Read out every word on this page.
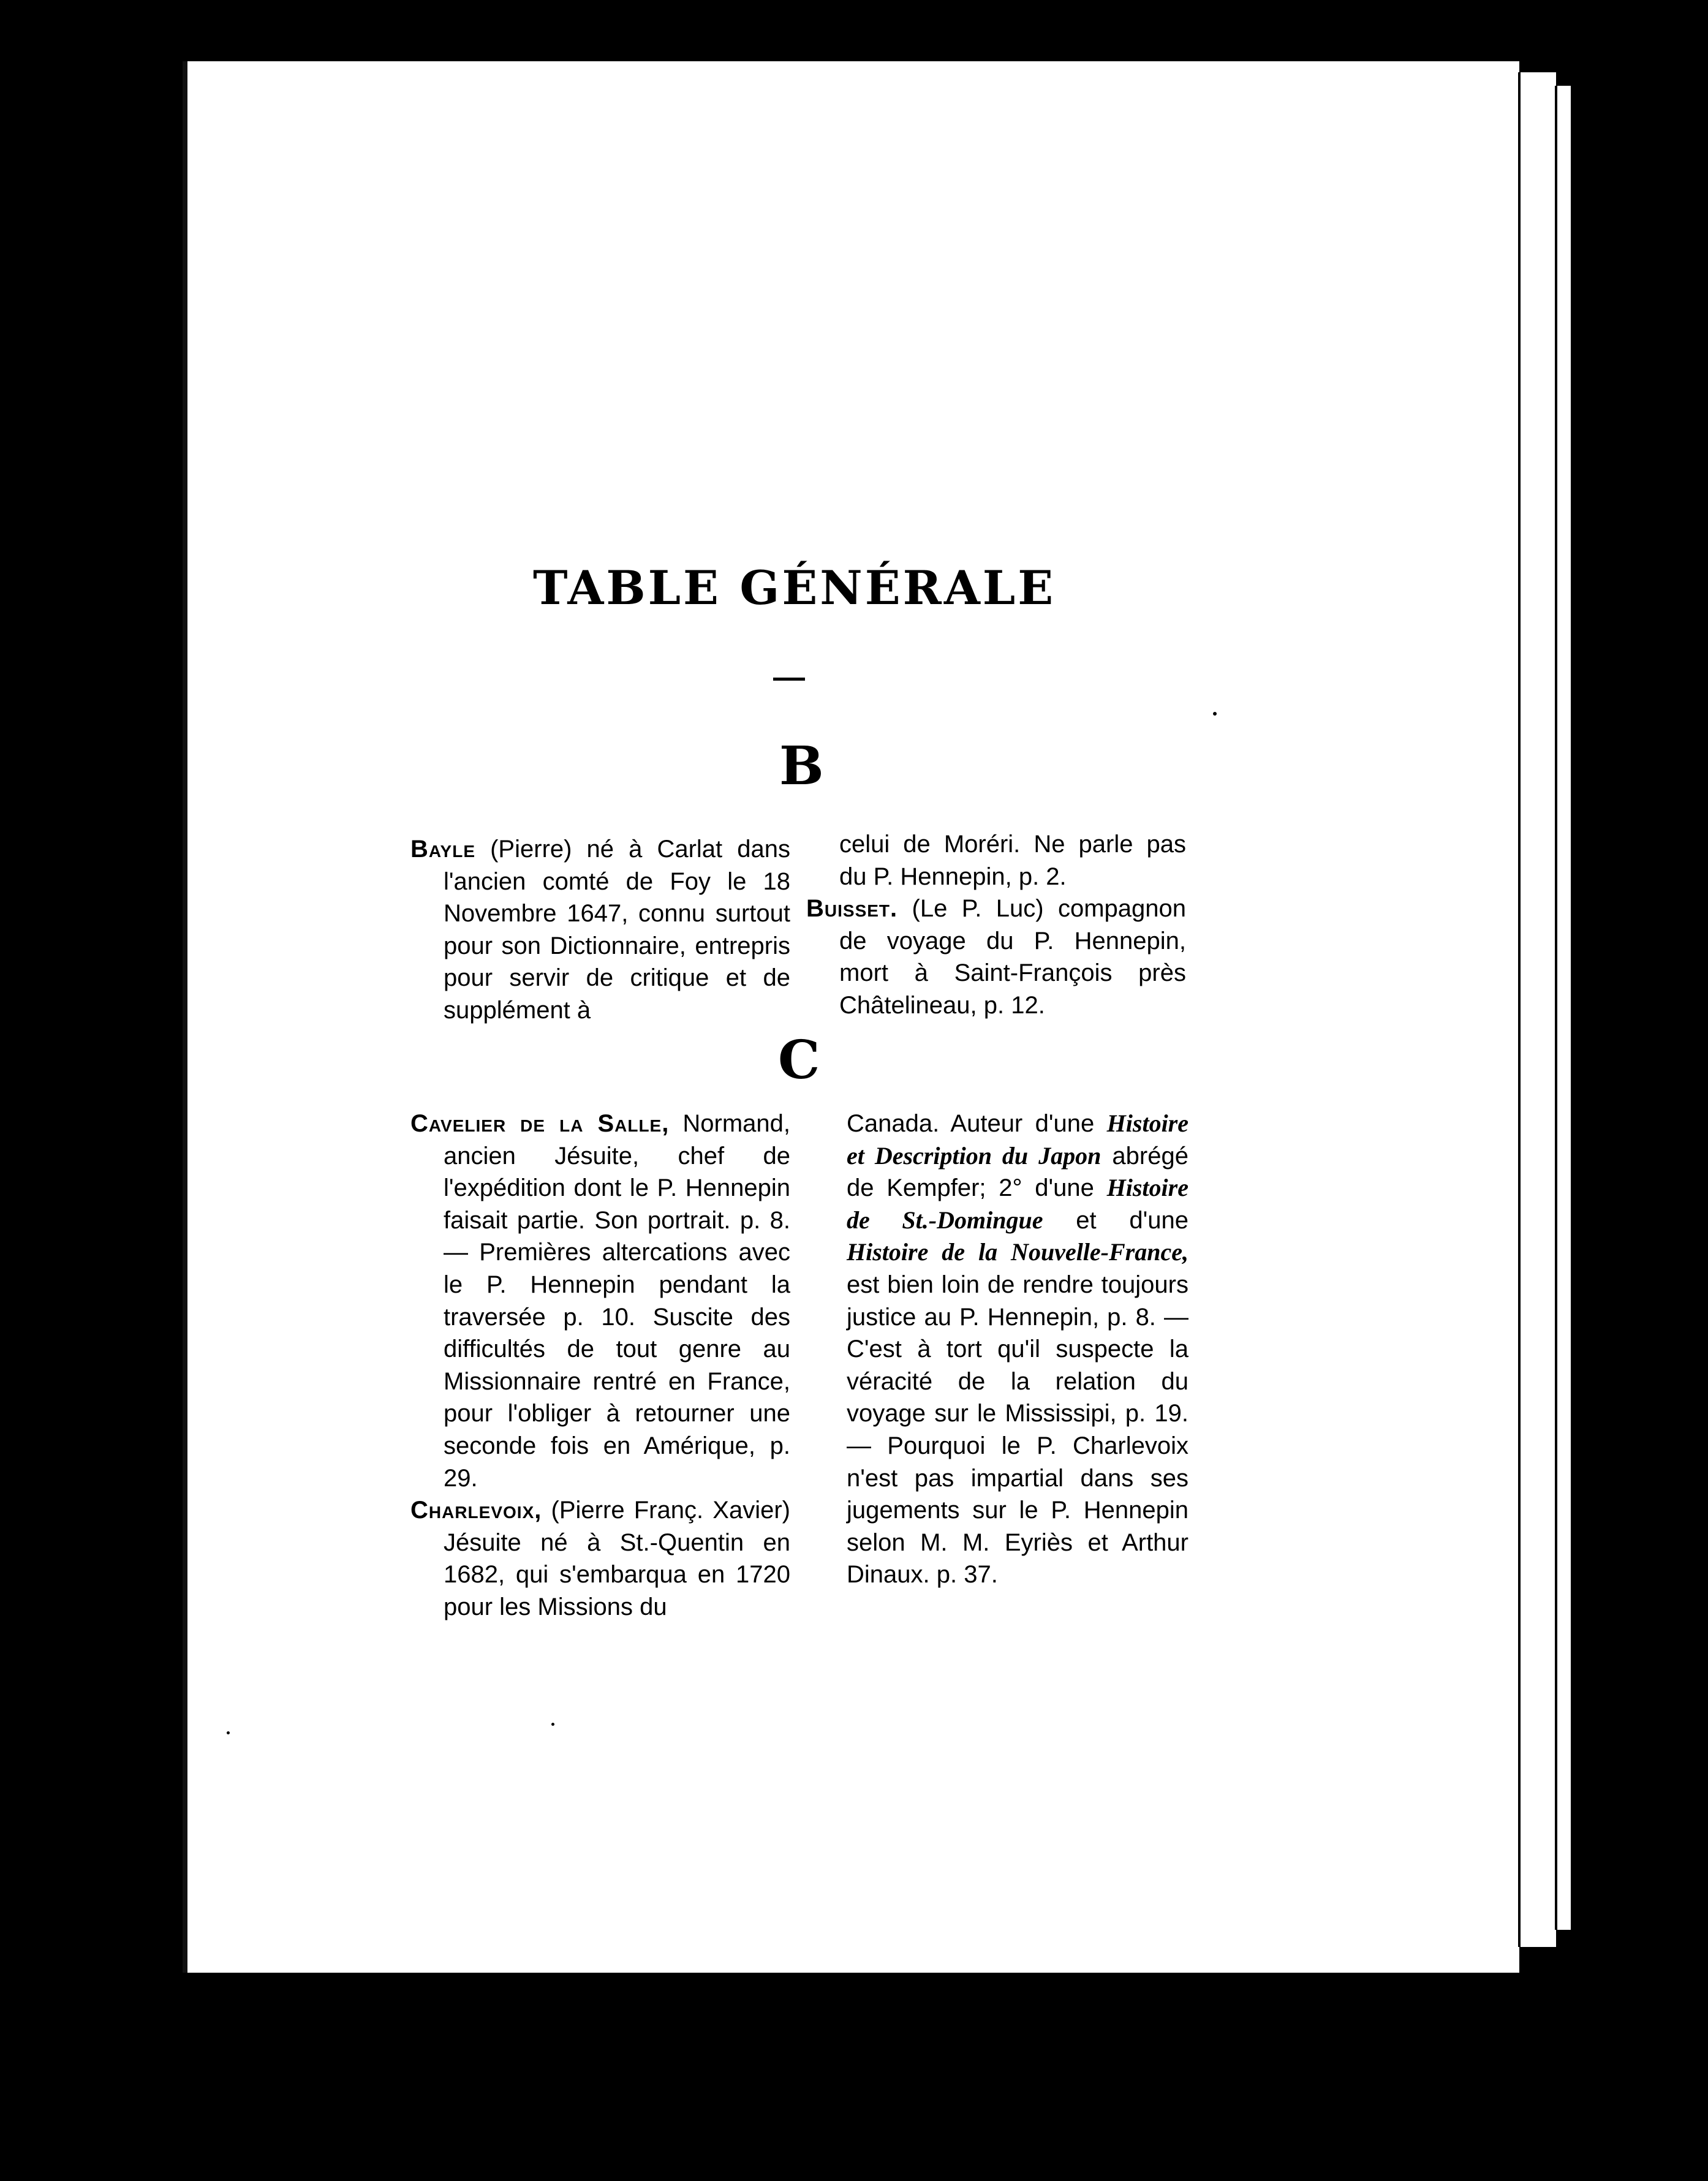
TABLE GÉNÉRALE
B

Bayle (Pierre) né à Carlat dans l'ancien comté de Foy le 18 Novembre 1647, connu surtout pour son Dictionnaire, entrepris pour servir de critique et de supplément à

celui de Moréri. Ne parle pas du P. Hennepin, p. 2.

Buisset. (Le P. Luc) compagnon de voyage du P. Hennepin, mort à Saint-François près Châtelineau, p. 12.

C

Cavelier de la Salle, Normand, ancien Jésuite, chef de l'expédition dont le P. Hennepin faisait partie. Son portrait. p. 8. — Premières altercations avec le P. Hennepin pendant la traversée p. 10. Suscite des difficultés de tout genre au Missionnaire rentré en France, pour l'obliger à retourner une seconde fois en Amérique, p. 29.

Charlevoix, (Pierre Franç. Xavier) Jésuite né à St.-Quentin en 1682, qui s'embarqua en 1720 pour les Missions du

Canada. Auteur d'une Histoire et Description du Japon abrégé de Kempfer; 2° d'une Histoire de St.-Domingue et d'une Histoire de la Nouvelle-France, est bien loin de rendre toujours justice au P. Hennepin, p. 8. — C'est à tort qu'il suspecte la véracité de la relation du voyage sur le Mississipi, p. 19. — Pourquoi le P. Charlevoix n'est pas impartial dans ses jugements sur le P. Hennepin selon M. M. Eyriès et Arthur Dinaux. p. 37.
